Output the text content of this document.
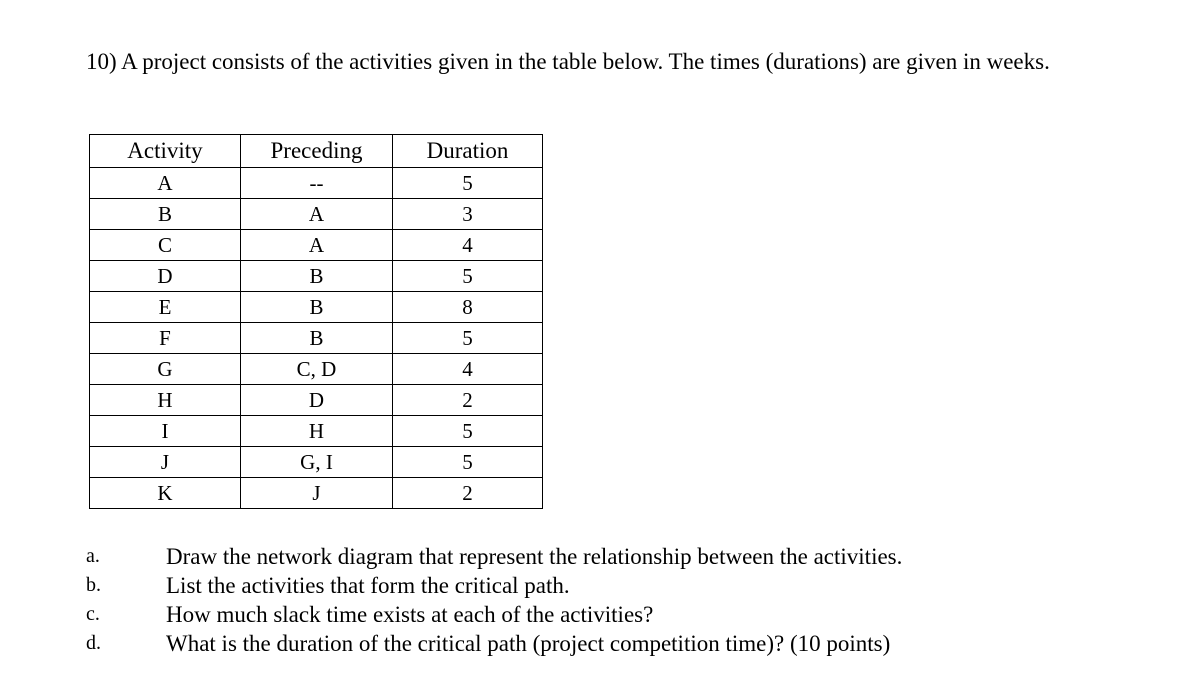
10) A project consists of the activities given in the table below. The times (durations) are given in weeks.

Activity	Preceding	Duration
A	--	5
B	A	3
C	A	4
D	B	5
E	B	8
F	B	5
G	C, D	4
H	D	2
I	H	5
J	G, I	5
K	J	2
a.	Draw the network diagram that represent the relationship between the activities.
b.	List the activities that form the critical path.
c.	How much slack time exists at each of the activities?
d.	What is the duration of the critical path (project competition time)? (10 points)
